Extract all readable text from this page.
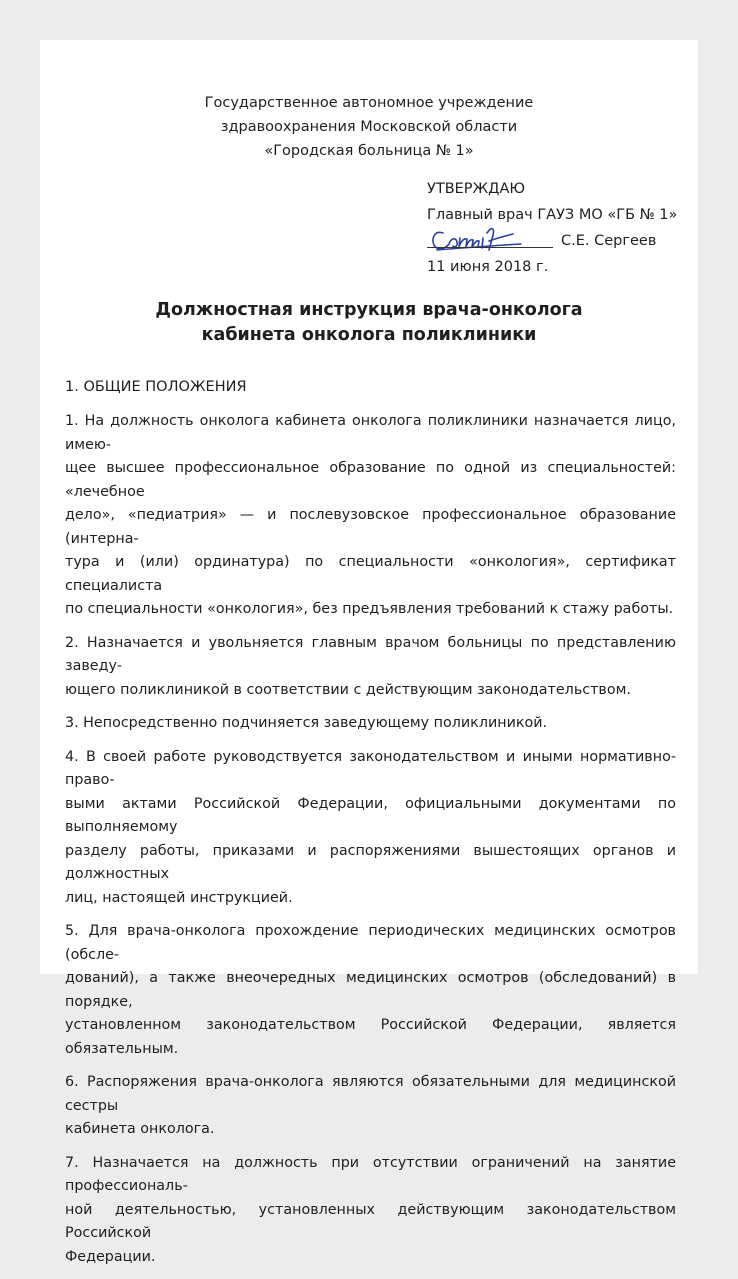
Государственное автономное учреждение
здравоохранения Московской области
«Городская больница № 1»
УТВЕРЖДАЮ
Главный врач ГАУЗ МО «ГБ № 1»
С.Е. Сергеев
11 июня 2018 г.
Должностная инструкция врача-онколога
кабинета онколога поликлиники
1. ОБЩИЕ ПОЛОЖЕНИЯ

1. На должность онколога кабинета онколога поликлиники назначается лицо, имею-
щее высшее профессиональное образование по одной из специальностей: «лечебное
дело», «педиатрия» — и послевузовское профессиональное образование (интерна-
тура и (или) ординатура) по специальности «онкология», сертификат специалиста
по специальности «онкология», без предъявления требований к стажу работы.

2. Назначается и увольняется главным врачом больницы по представлению заведу-
ющего поликлиникой в соответствии с действующим законодательством.

3. Непосредственно подчиняется заведующему поликлиникой.

4. В своей работе руководствуется законодательством и иными нормативно-право-
выми актами Российской Федерации, официальными документами по выполняемому
разделу работы, приказами и распоряжениями вышестоящих органов и должностных
лиц, настоящей инструкцией.

5. Для врача-онколога прохождение периодических медицинских осмотров (обсле-
дований), а также внеочередных медицинских осмотров (обследований) в порядке,
установленном законодательством Российской Федерации, является обязательным.

6. Распоряжения врача-онколога являются обязательными для медицинской сестры
кабинета онколога.

7. Назначается на должность при отсутствии ограничений на занятие профессиональ-
ной деятельностью, установленных действующим законодательством Российской
Федерации.
